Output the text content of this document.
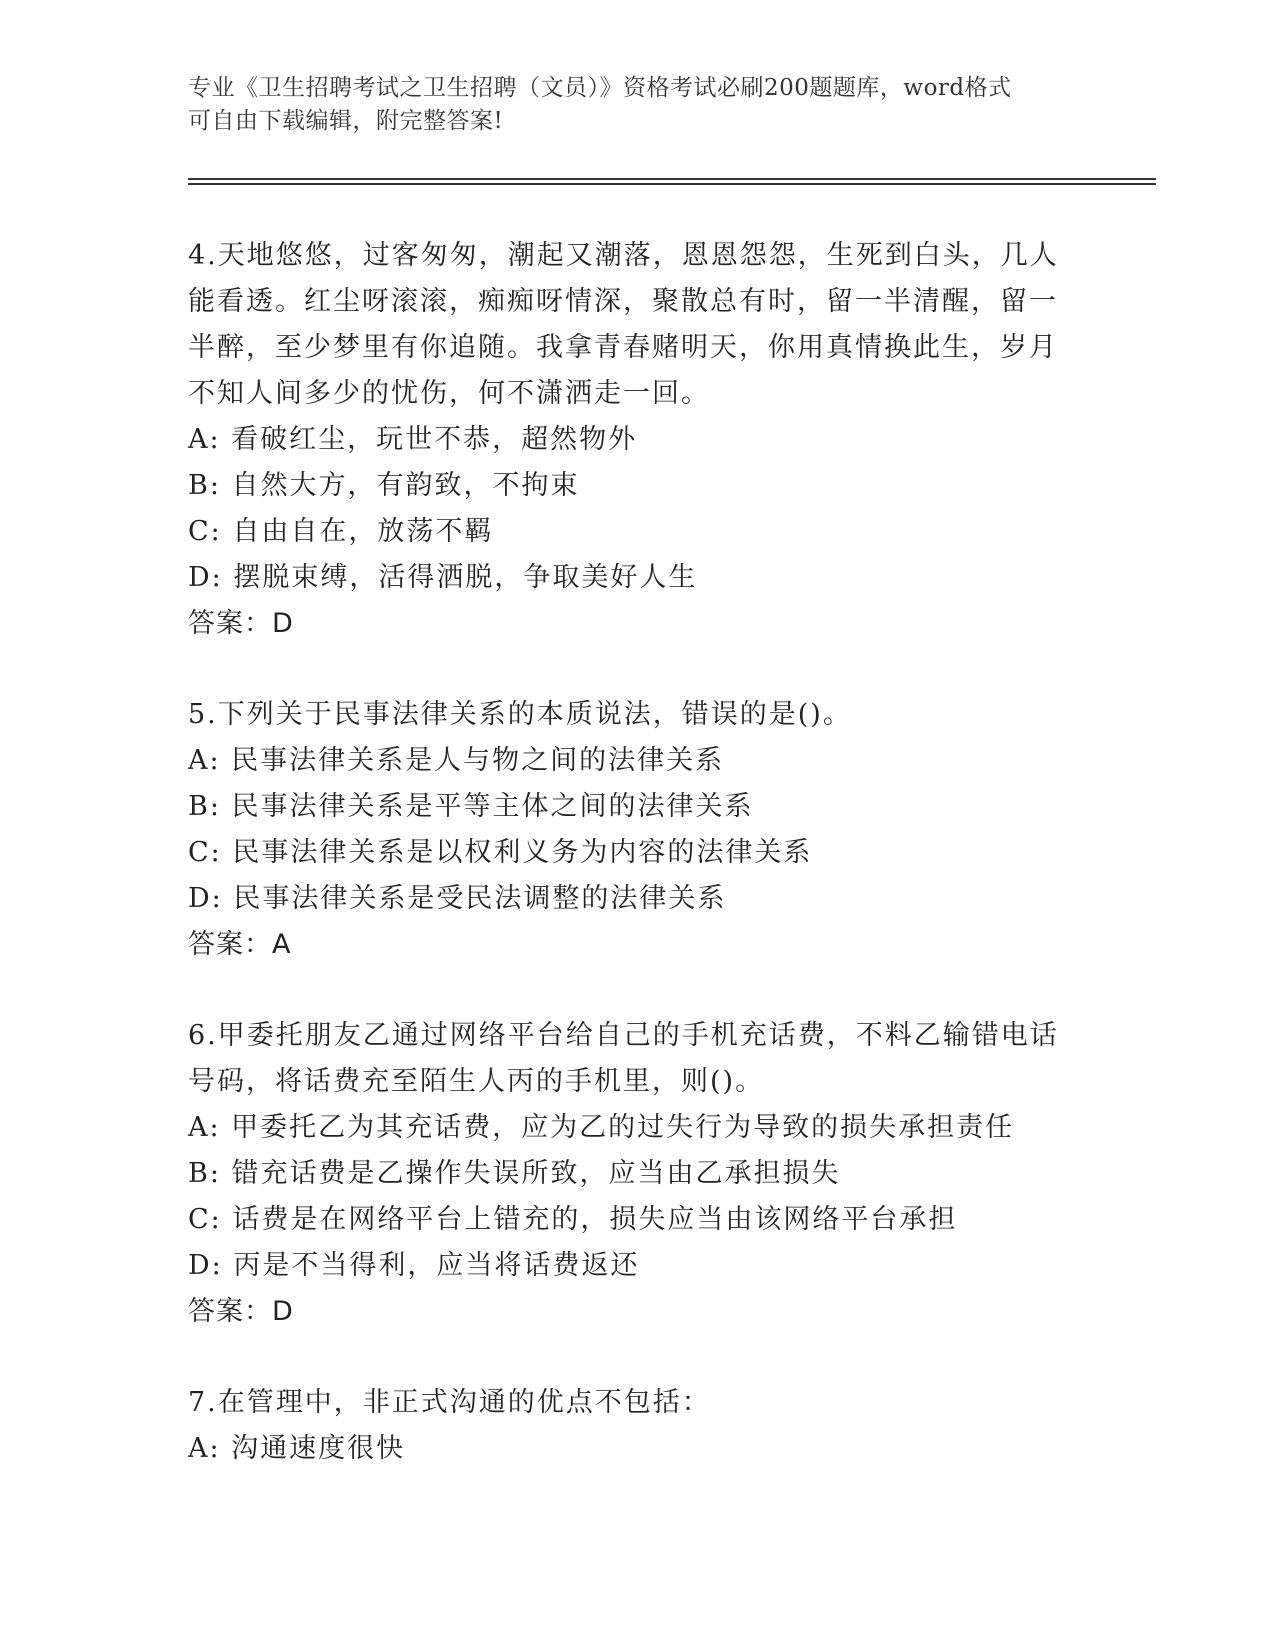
专业《卫生招聘考试之卫生招聘（文员）》资格考试必刷200题题库，word格式
可自由下载编辑，附完整答案!
4.天地悠悠，过客匆匆，潮起又潮落，恩恩怨怨，生死到白头，几人
能看透。红尘呀滚滚，痴痴呀情深，聚散总有时，留一半清醒，留一
半醉，至少梦里有你追随。我拿青春赌明天，你用真情换此生，岁月
不知人间多少的忧伤，何不潇洒走一回。
A: 看破红尘，玩世不恭，超然物外
B: 自然大方，有韵致，不拘束
C: 自由自在，放荡不羁
D: 摆脱束缚，活得洒脱，争取美好人生
答案：D
5.下列关于民事法律关系的本质说法，错误的是()。
A: 民事法律关系是人与物之间的法律关系
B: 民事法律关系是平等主体之间的法律关系
C: 民事法律关系是以权利义务为内容的法律关系
D: 民事法律关系是受民法调整的法律关系
答案：A
6.甲委托朋友乙通过网络平台给自己的手机充话费，不料乙输错电话
号码，将话费充至陌生人丙的手机里，则()。
A: 甲委托乙为其充话费，应为乙的过失行为导致的损失承担责任
B: 错充话费是乙操作失误所致，应当由乙承担损失
C: 话费是在网络平台上错充的，损失应当由该网络平台承担
D: 丙是不当得利，应当将话费返还
答案：D
7.在管理中，非正式沟通的优点不包括：
A: 沟通速度很快
